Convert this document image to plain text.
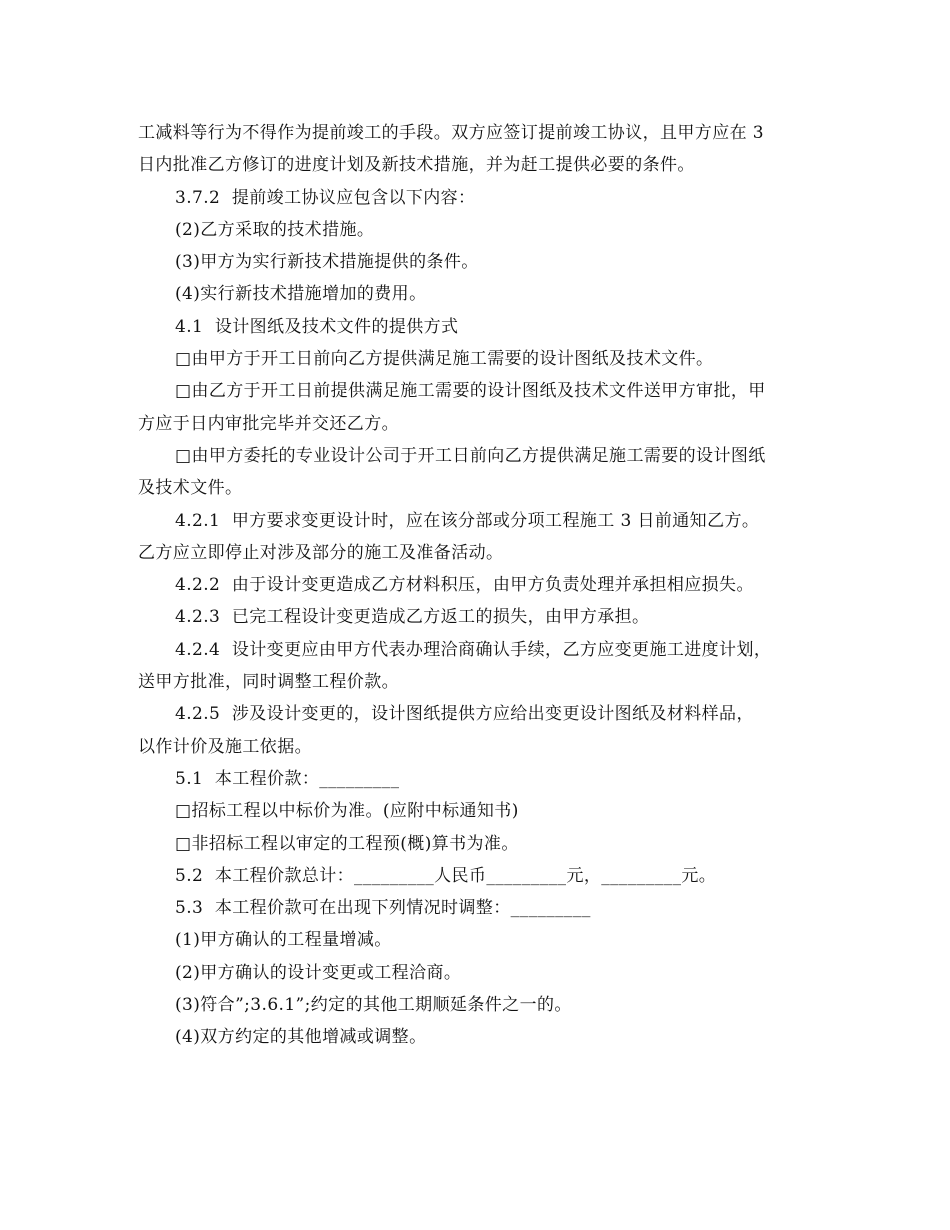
工减料等行为不得作为提前竣工的手段。双方应签订提前竣工协议，且甲方应在 3
日内批准乙方修订的进度计划及新技术措施，并为赶工提供必要的条件。
3.7.2  提前竣工协议应包含以下内容：
(2)乙方采取的技术措施。
(3)甲方为实行新技术措施提供的条件。
(4)实行新技术措施增加的费用。
4.1  设计图纸及技术文件的提供方式
□由甲方于开工日前向乙方提供满足施工需要的设计图纸及技术文件。
□由乙方于开工日前提供满足施工需要的设计图纸及技术文件送甲方审批，甲
方应于日内审批完毕并交还乙方。
□由甲方委托的专业设计公司于开工日前向乙方提供满足施工需要的设计图纸
及技术文件。
4.2.1  甲方要求变更设计时，应在该分部或分项工程施工 3 日前通知乙方。
乙方应立即停止对涉及部分的施工及准备活动。
4.2.2  由于设计变更造成乙方材料积压，由甲方负责处理并承担相应损失。
4.2.3  已完工程设计变更造成乙方返工的损失，由甲方承担。
4.2.4  设计变更应由甲方代表办理洽商确认手续，乙方应变更施工进度计划，
送甲方批准，同时调整工程价款。
4.2.5  涉及设计变更的，设计图纸提供方应给出变更设计图纸及材料样品，
以作计价及施工依据。
5.1  本工程价款：_________
□招标工程以中标价为准。(应附中标通知书)
□非招标工程以审定的工程预(概)算书为准。
5.2  本工程价款总计：_________人民币_________元，_________元。
5.3  本工程价款可在出现下列情况时调整：_________
(1)甲方确认的工程量增减。
(2)甲方确认的设计变更或工程洽商。
(3)符合”;3.6.1”;约定的其他工期顺延条件之一的。
(4)双方约定的其他增减或调整。
